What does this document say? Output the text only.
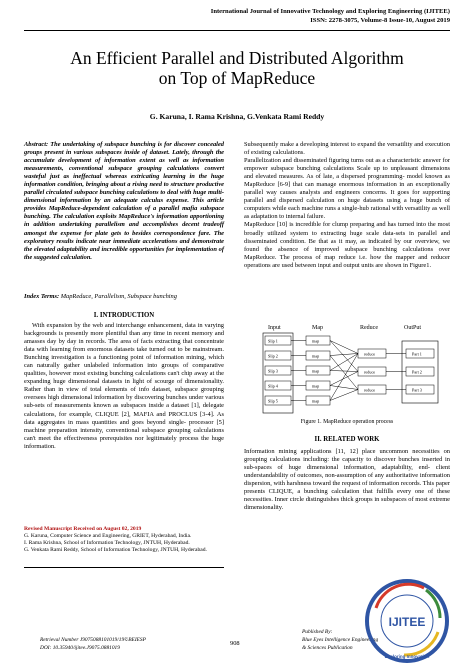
International Journal of Innovative Technology and Exploring Engineering (IJITEE)
ISSN: 2278-3075, Volume-8 Issue-10, August 2019
An Efficient Parallel and Distributed Algorithm
on Top of MapReduce
G. Karuna, I. Rama Krishna, G.Venkata Rami Reddy
Abstract: The undertaking of subspace bunching is for discover concealed groups present in various subspaces inside of dataset. Lately, through the accumulate development of information extent as well as information measurements, conventional subspace grouping calculations convert wasteful just as ineffectual whereas extricating learning in the huge information condition, bringing about a rising need to structure productive parallel circulated subspace bunching calculations to deal with huge multi- dimensional information by an adequate calculus expense. This article provides MapReduce-dependent calculation of a parallel mafia subspace bunching. The calculation exploits MapReduce's information apportioning in addition undertaking parallelism and accomplishes decent tradeoff amongst the expense for plate gets to besides correspondence fare. The exploratory results indicate near immediate accelerations and demonstrate the elevated adaptability and incredible opportunities for implementation of the suggested calculation.
Index Terms: MapReduce, Parallelism, Subspace bunching
I. INTRODUCTION

With expansion by the web and interchange enhancement, data in varying backgrounds is presently more plentiful than any time in recent memory and amasses day by day in records. The area of facts extracting that concentrate data with learning from enormous datasets take turned out to be mainstream. Bunching investigation is a functioning point of information mining, which can naturally gather unlabeled information into groups of comparative qualities, however most existing bunching calculations can't chip away at the expanding huge dimensional datasets in light of scourge of dimensionality. Rather than in view of total elements of info dataset, subspace grouping oversees high dimensional information by discovering bunches under various sub-sets of measurements known as subspaces inside a dataset [1], delegate calculations, for example, CLIQUE [2], MAFIA and PROCLUS [3-4]. As data aggregates in mass quantities and goes beyond single- processor [5] machine preparation intensity, conventional subspace grouping calculations can't meet the effectiveness prerequisites nor legitimately process the huge information.

Revised Manuscript Received on August 02, 2019
G. Karuna, Computer Science and Engineering, GRIET, Hyderabad, India.
I. Rama Krishna, School of Information Technology, JNTUH, Hyderabad.
G. Venkata Rami Reddy, School of Information Technology, JNTUH, Hyderabad.

Subsequently make a developing interest to expand the versatility and execution of existing calculations.

Parallelization and disseminated figuring turns out as a characteristic answer for empower subspace bunching calculations Scale up to unpleasant dimensions and elevated measures. As of late, a dispersed programming- model known as MapReduce [6-9] that can manage enormous information in an exceptionally parallel way causes analysts and engineers concerns. It goes for supporting parallel and dispersed calculation on huge datasets using a huge bunch of computers while each machine runs a single-hub rational with versatility as well as adaptation to internal failure.

MapReduce [10] is incredible for clump preparing and has turned into the most broadly utilized system to extracting huge scale data-sets in parallel and disseminated condition. Be that as it may, as indicated by our overview, we found the absence of improved subspace bunching calculations over MapReduce. The process of map reduce i.e. how the mapper and reducer operations are used between input and output units are shown in Figure1.

Input	Map	Reduce	OutPut
Slip 1
Slip 2
Slip 3
Slip 4
Slip 5
map
map
map
map
map
reduce
reduce
reduce
Part 1
Part 2
Part 3
Figure 1. MapReduce operation process
II. RELATED WORK
Information mining applications [11, 12] place uncommon necessities on grouping calculations including: the capacity to discover bunches inserted in sub-spaces of huge dimensional information, adaptability, end- client understandability of outcomes, non-assumption of any authoritative information dispersion, with harshness toward the request of information records. This paper presents CLIQUE, a bunching calculation that fulfills every one of these necessities. Inner circle distinguishes thick groups in subspaces of most extreme dimensionality.
Retrieval Number J9075088101019/19©BEIESP
DOI: 10.35940/ijitee.J9075.0881019
908
Published By:
Blue Eyes Intelligence Engineering
& Sciences Publication
IJITEE
Exploring Innovation
